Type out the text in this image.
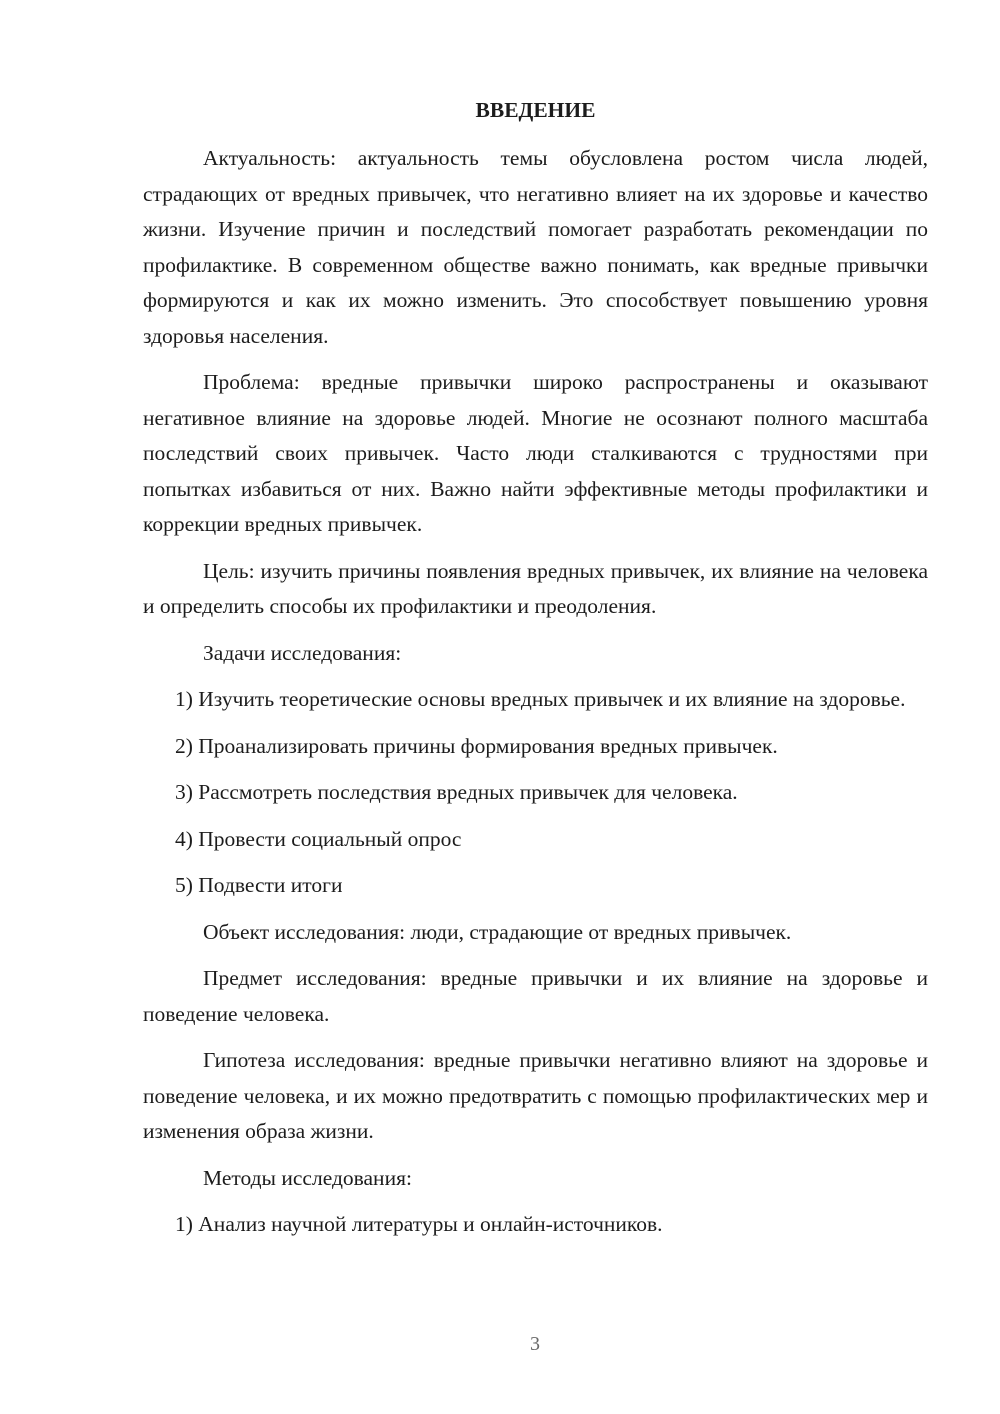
ВВЕДЕНИЕ

Актуальность: актуальность темы обусловлена ростом числа людей, страдающих от вредных привычек, что негативно влияет на их здоровье и качество жизни. Изучение причин и последствий помогает разработать рекомендации по профилактике. В современном обществе важно понимать, как вредные привычки формируются и как их можно изменить. Это способствует повышению уровня здоровья населения.

Проблема: вредные привычки широко распространены и оказывают негативное влияние на здоровье людей. Многие не осознают полного масштаба последствий своих привычек. Часто люди сталкиваются с трудностями при попытках избавиться от них. Важно найти эффективные методы профилактики и коррекции вредных привычек.

Цель: изучить причины появления вредных привычек, их влияние на человека и определить способы их профилактики и преодоления.

Задачи исследования:

1) Изучить теоретические основы вредных привычек и их влияние на здоровье.

2) Проанализировать причины формирования вредных привычек.

3) Рассмотреть последствия вредных привычек для человека.

4) Провести социальный опрос

5) Подвести итоги

Объект исследования: люди, страдающие от вредных привычек.

Предмет исследования: вредные привычки и их влияние на здоровье и поведение человека.

Гипотеза исследования: вредные привычки негативно влияют на здоровье и поведение человека, и их можно предотвратить с помощью профилактических мер и изменения образа жизни.

Методы исследования:

1) Анализ научной литературы и онлайн-источников.

3
